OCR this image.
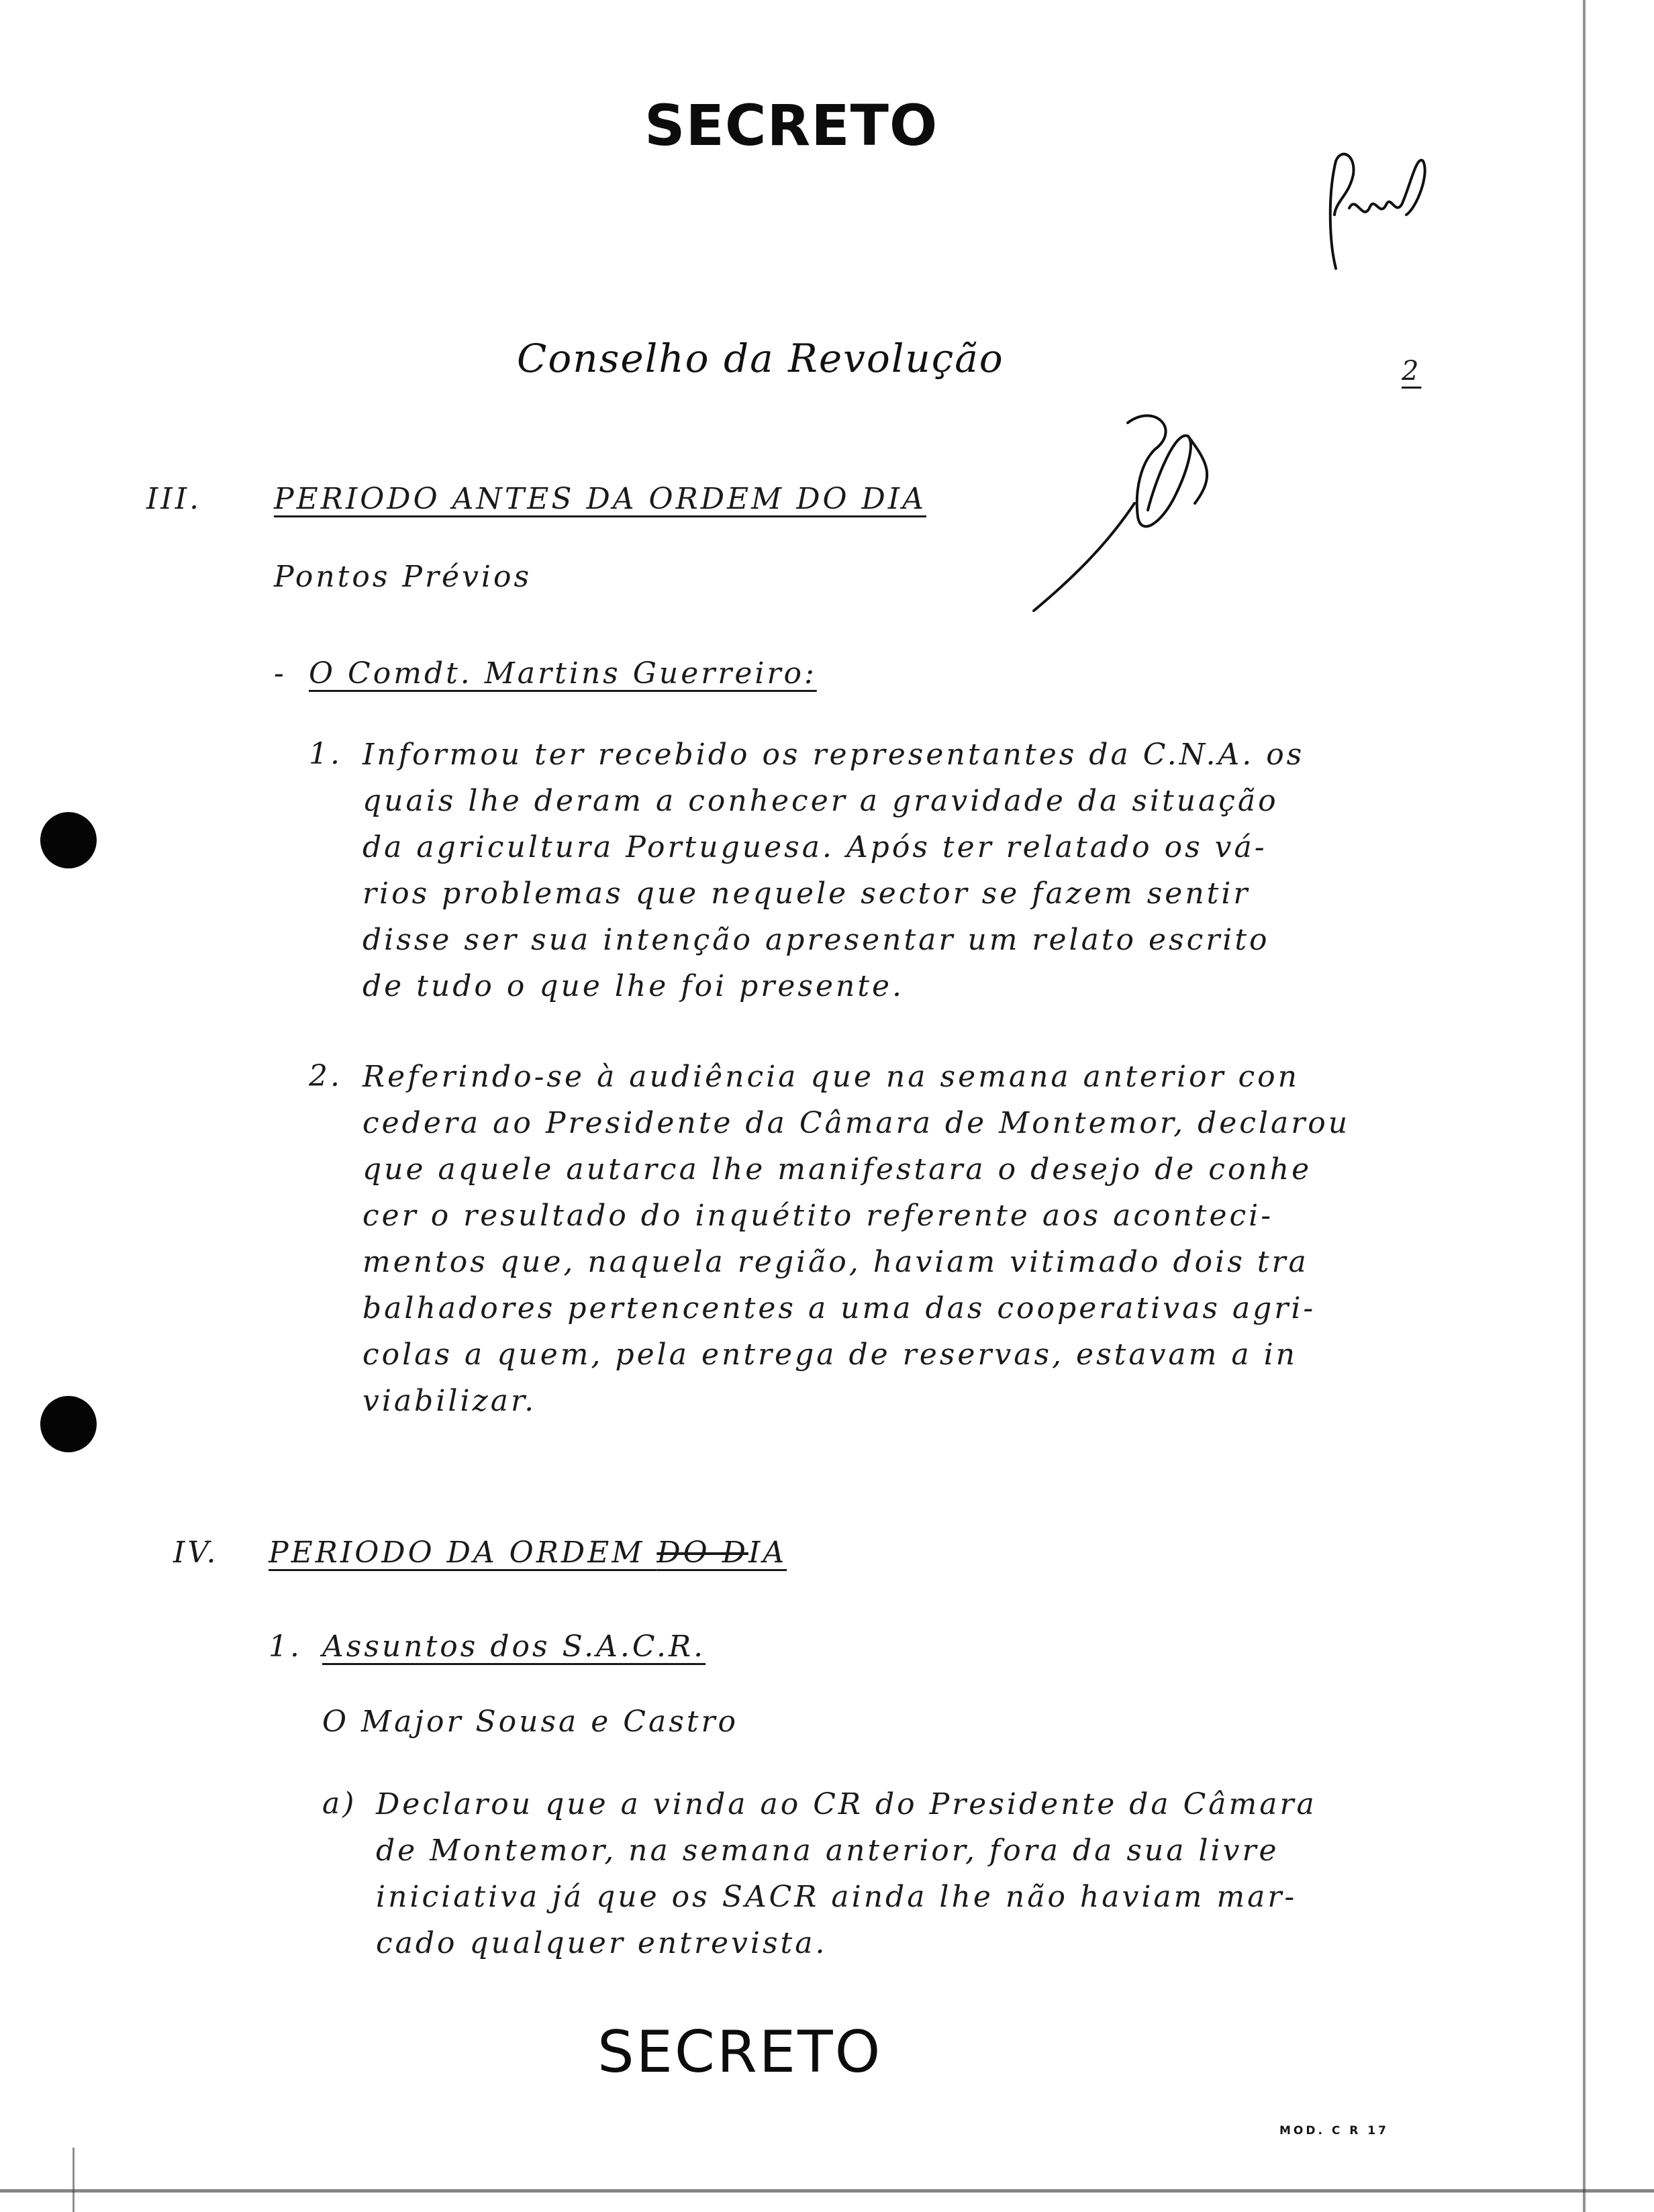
SECRETO
Conselho da Revolução	2
III. PERIODO ANTES DA ORDEM DO DIA
Pontos Prévios
- O Comdt. Martins Guerreiro:
1. Informou ter recebido os representantes da C.N.A. os
quais lhe deram a conhecer a gravidade da situação
da agricultura Portuguesa. Após ter relatado os vá-
rios problemas que nequele sector se fazem sentir
disse ser sua intenção apresentar um relato escrito
de tudo o que lhe foi presente.
2. Referindo-se à audiência que na semana anterior con
cedera ao Presidente da Câmara de Montemor, declarou
que aquele autarca lhe manifestara o desejo de conhe
cer o resultado do inquétito referente aos aconteci-
mentos que, naquela região, haviam vitimado dois tra
balhadores pertencentes a uma das cooperativas agri-
colas a quem, pela entrega de reservas, estavam a in
viabilizar.
IV. PERIODO DA ORDEM DO DIA
1. Assuntos dos S.A.C.R.
O Major Sousa e Castro
a) Declarou que a vinda ao CR do Presidente da Câmara
de Montemor, na semana anterior, fora da sua livre
iniciativa já que os SACR ainda lhe não haviam mar-
cado qualquer entrevista.
SECRETO
MOD. C R 17
